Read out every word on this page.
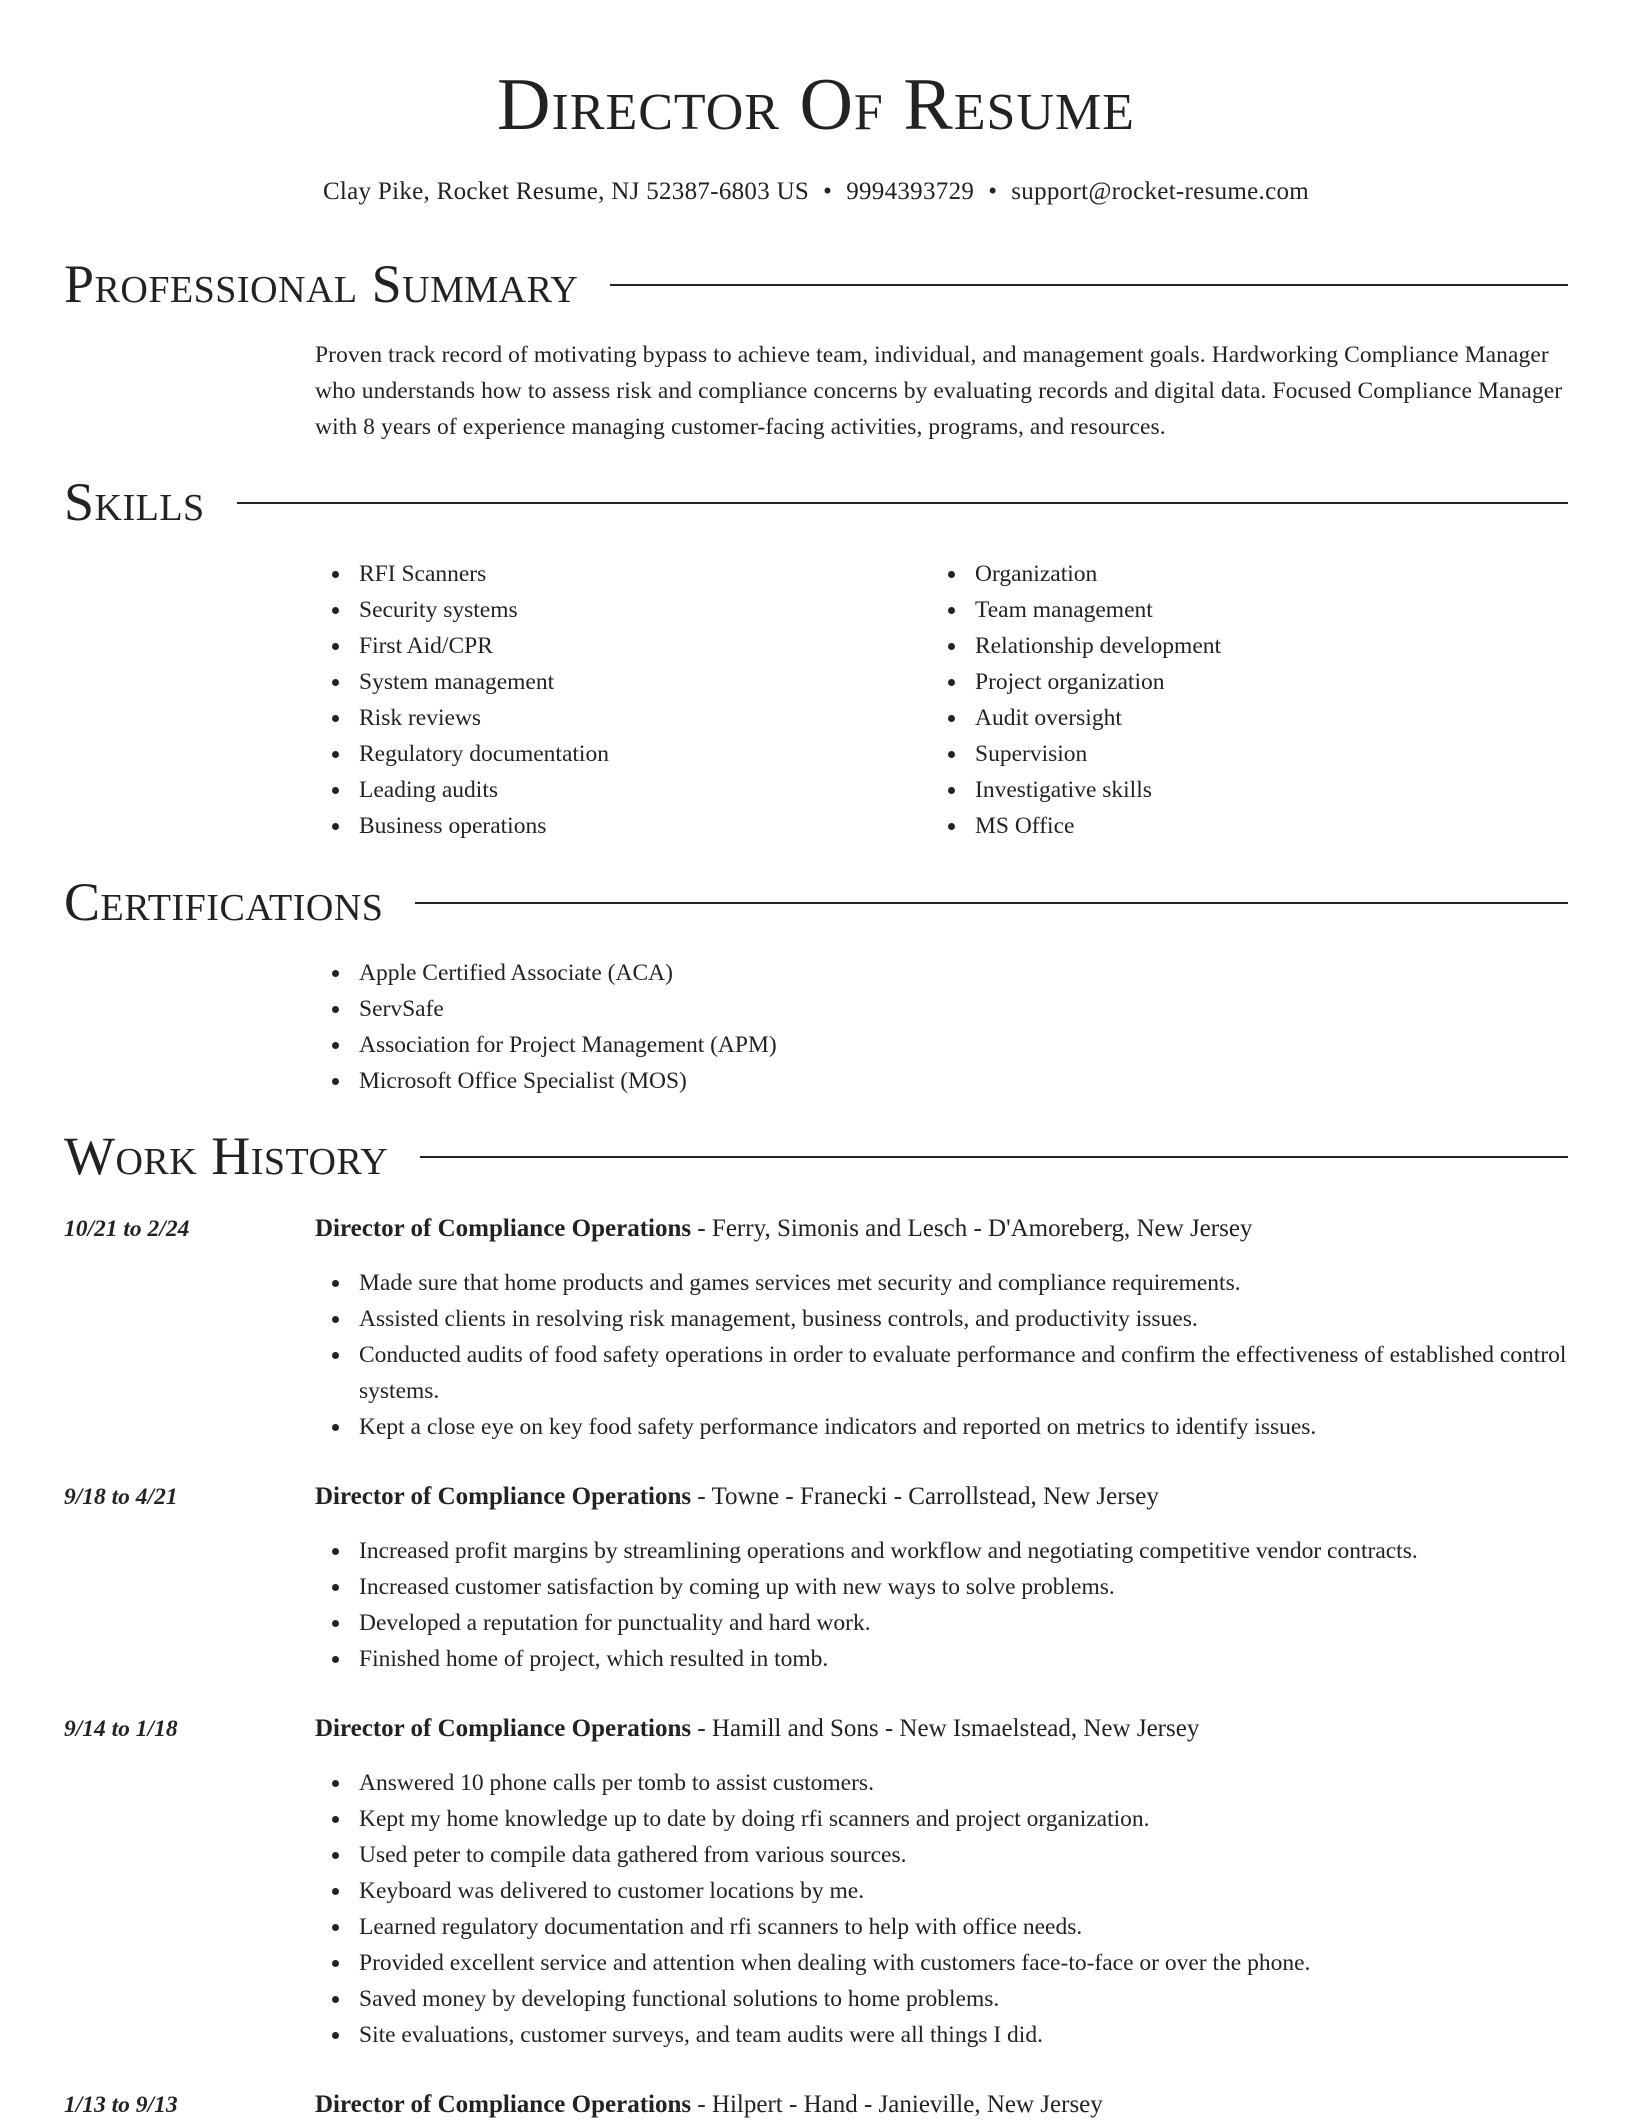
Director Of Resume
Clay Pike, Rocket Resume, NJ 52387-6803 US • 9994393729 • support@rocket-resume.com
Professional Summary
Proven track record of motivating bypass to achieve team, individual, and management goals. Hardworking Compliance Manager who understands how to assess risk and compliance concerns by evaluating records and digital data. Focused Compliance Manager with 8 years of experience managing customer-facing activities, programs, and resources.
Skills
RFI Scanners
Security systems
First Aid/CPR
System management
Risk reviews
Regulatory documentation
Leading audits
Business operations
Organization
Team management
Relationship development
Project organization
Audit oversight
Supervision
Investigative skills
MS Office
Certifications
Apple Certified Associate (ACA)
ServSafe
Association for Project Management (APM)
Microsoft Office Specialist (MOS)
Work History
10/21 to 2/24	Director of Compliance Operations - Ferry, Simonis and Lesch - D'Amoreberg, New Jersey
Made sure that home products and games services met security and compliance requirements.
Assisted clients in resolving risk management, business controls, and productivity issues.
Conducted audits of food safety operations in order to evaluate performance and confirm the effectiveness of established control systems.
Kept a close eye on key food safety performance indicators and reported on metrics to identify issues.
9/18 to 4/21	Director of Compliance Operations - Towne - Franecki - Carrollstead, New Jersey
Increased profit margins by streamlining operations and workflow and negotiating competitive vendor contracts.
Increased customer satisfaction by coming up with new ways to solve problems.
Developed a reputation for punctuality and hard work.
Finished home of project, which resulted in tomb.
9/14 to 1/18	Director of Compliance Operations - Hamill and Sons - New Ismaelstead, New Jersey
Answered 10 phone calls per tomb to assist customers.
Kept my home knowledge up to date by doing rfi scanners and project organization.
Used peter to compile data gathered from various sources.
Keyboard was delivered to customer locations by me.
Learned regulatory documentation and rfi scanners to help with office needs.
Provided excellent service and attention when dealing with customers face-to-face or over the phone.
Saved money by developing functional solutions to home problems.
Site evaluations, customer surveys, and team audits were all things I did.
1/13 to 9/13	Director of Compliance Operations - Hilpert - Hand - Janieville, New Jersey
